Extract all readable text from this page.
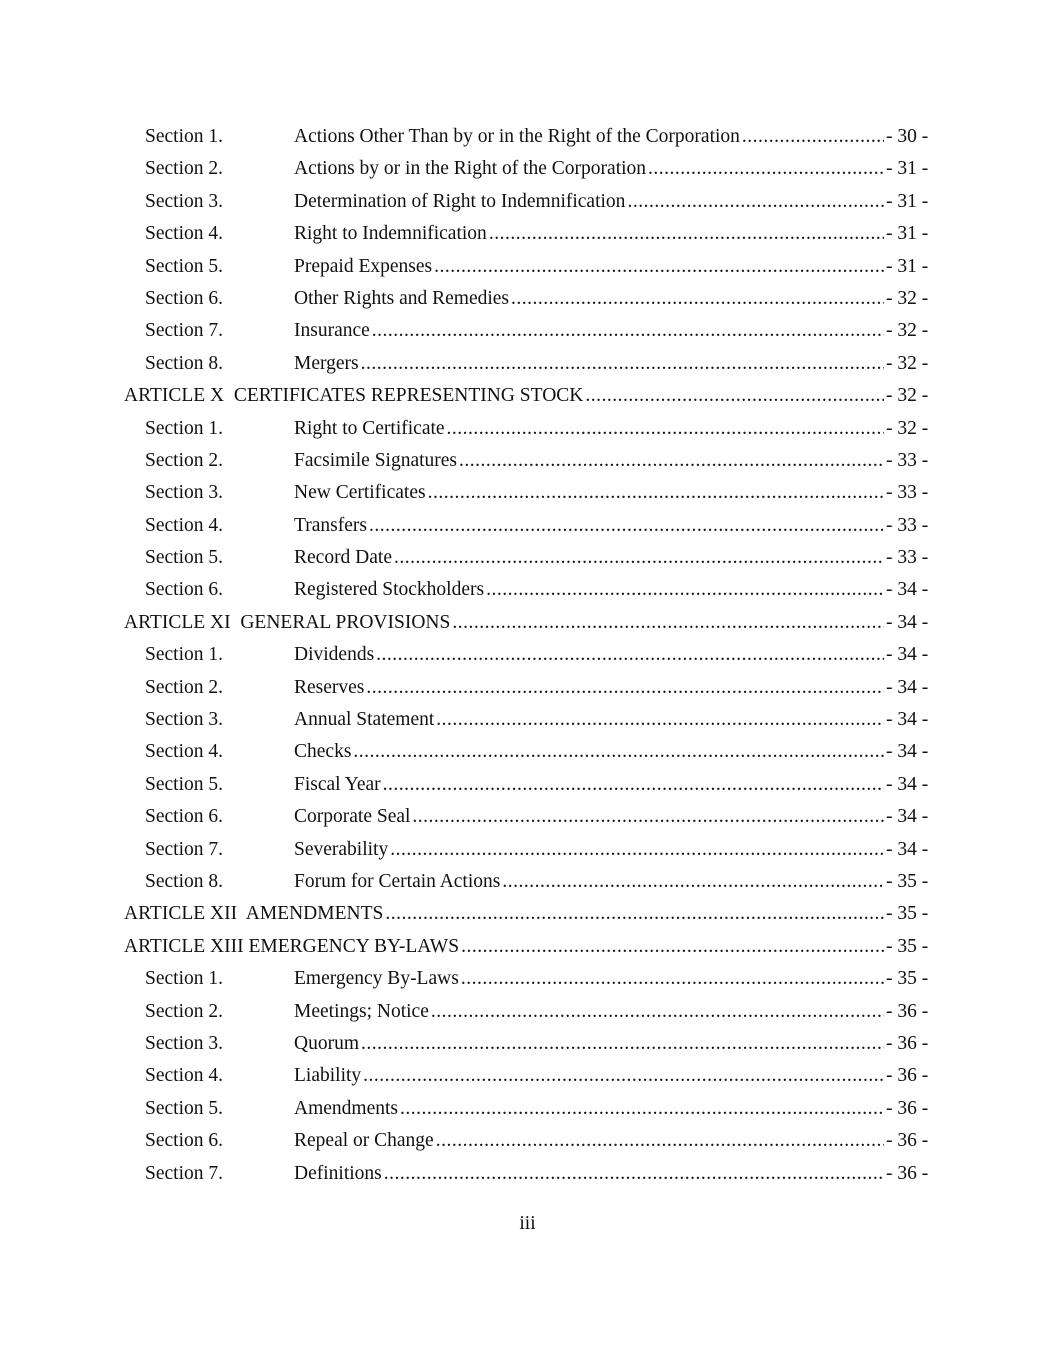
Section 1.	Actions Other Than by or in the Right of the Corporation .....	- 30 -
Section 2.	Actions by or in the Right of the Corporation .....	- 31 -
Section 3.	Determination of Right to Indemnification .....	- 31 -
Section 4.	Right to Indemnification .....	- 31 -
Section 5.	Prepaid Expenses .....	- 31 -
Section 6.	Other Rights and Remedies .....	- 32 -
Section 7.	Insurance .....	- 32 -
Section 8.	Mergers .....	- 32 -
ARTICLE X  CERTIFICATES REPRESENTING STOCK .....	- 32 -
Section 1.	Right to Certificate .....	- 32 -
Section 2.	Facsimile Signatures .....	- 33 -
Section 3.	New Certificates .....	- 33 -
Section 4.	Transfers .....	- 33 -
Section 5.	Record Date .....	- 33 -
Section 6.	Registered Stockholders .....	- 34 -
ARTICLE XI  GENERAL PROVISIONS .....	- 34 -
Section 1.	Dividends .....	- 34 -
Section 2.	Reserves .....	- 34 -
Section 3.	Annual Statement .....	- 34 -
Section 4.	Checks .....	- 34 -
Section 5.	Fiscal Year .....	- 34 -
Section 6.	Corporate Seal .....	- 34 -
Section 7.	Severability .....	- 34 -
Section 8.	Forum for Certain Actions .....	- 35 -
ARTICLE XII  AMENDMENTS .....	- 35 -
ARTICLE XIII EMERGENCY BY-LAWS .....	- 35 -
Section 1.	Emergency By-Laws .....	- 35 -
Section 2.	Meetings; Notice .....	- 36 -
Section 3.	Quorum .....	- 36 -
Section 4.	Liability .....	- 36 -
Section 5.	Amendments .....	- 36 -
Section 6.	Repeal or Change .....	- 36 -
Section 7.	Definitions .....	- 36 -
iii
